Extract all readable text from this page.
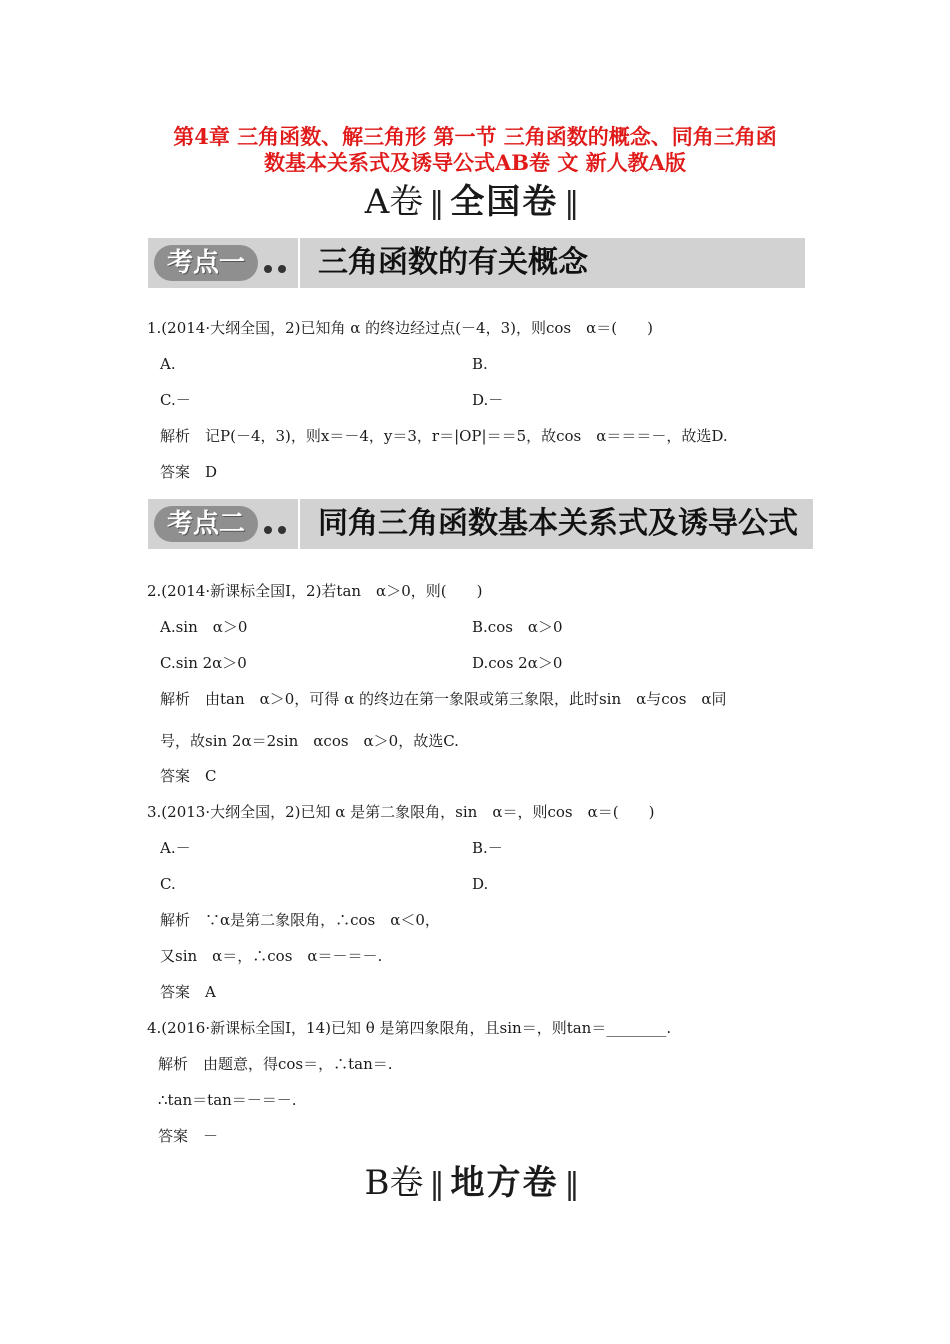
第4章 三角函数、解三角形 第一节 三角函数的概念、同角三角函
数基本关系式及诱导公式AB卷 文 新人教A版
A卷 ‖ 全国卷 ‖
考点一	三角函数的有关概念
1.(2014·大纲全国，2)已知角 α 的终边经过点(－4，3)，则cos　α＝(　　)
A.	B.
C.－	D.－
解析　记P(－4，3)，则x＝－4，y＝3，r＝|OP|＝＝5，故cos　α＝＝＝－，故选D.
答案　D
考点二	同角三角函数基本关系式及诱导公式
2.(2014·新课标全国Ⅰ，2)若tan　α＞0，则(　　)
A.sin　α＞0	B.cos　α＞0
C.sin 2α＞0	D.cos 2α＞0
解析　由tan　α＞0，可得 α 的终边在第一象限或第三象限，此时sin　α与cos　α同
号，故sin 2α＝2sin　αcos　α＞0，故选C.
答案　C
3.(2013·大纲全国，2)已知 α 是第二象限角，sin　α＝，则cos　α＝(　　)
A.－	B.－
C.	D.
解析　∵α是第二象限角，∴cos　α＜0，
又sin　α＝，∴cos　α＝－＝－.
答案　A
4.(2016·新课标全国Ⅰ，14)已知 θ 是第四象限角，且sin＝，则tan＝________.
解析　由题意，得cos＝，∴tan＝.
∴tan＝tan＝－＝－.
答案　－
B卷 ‖ 地方卷 ‖
